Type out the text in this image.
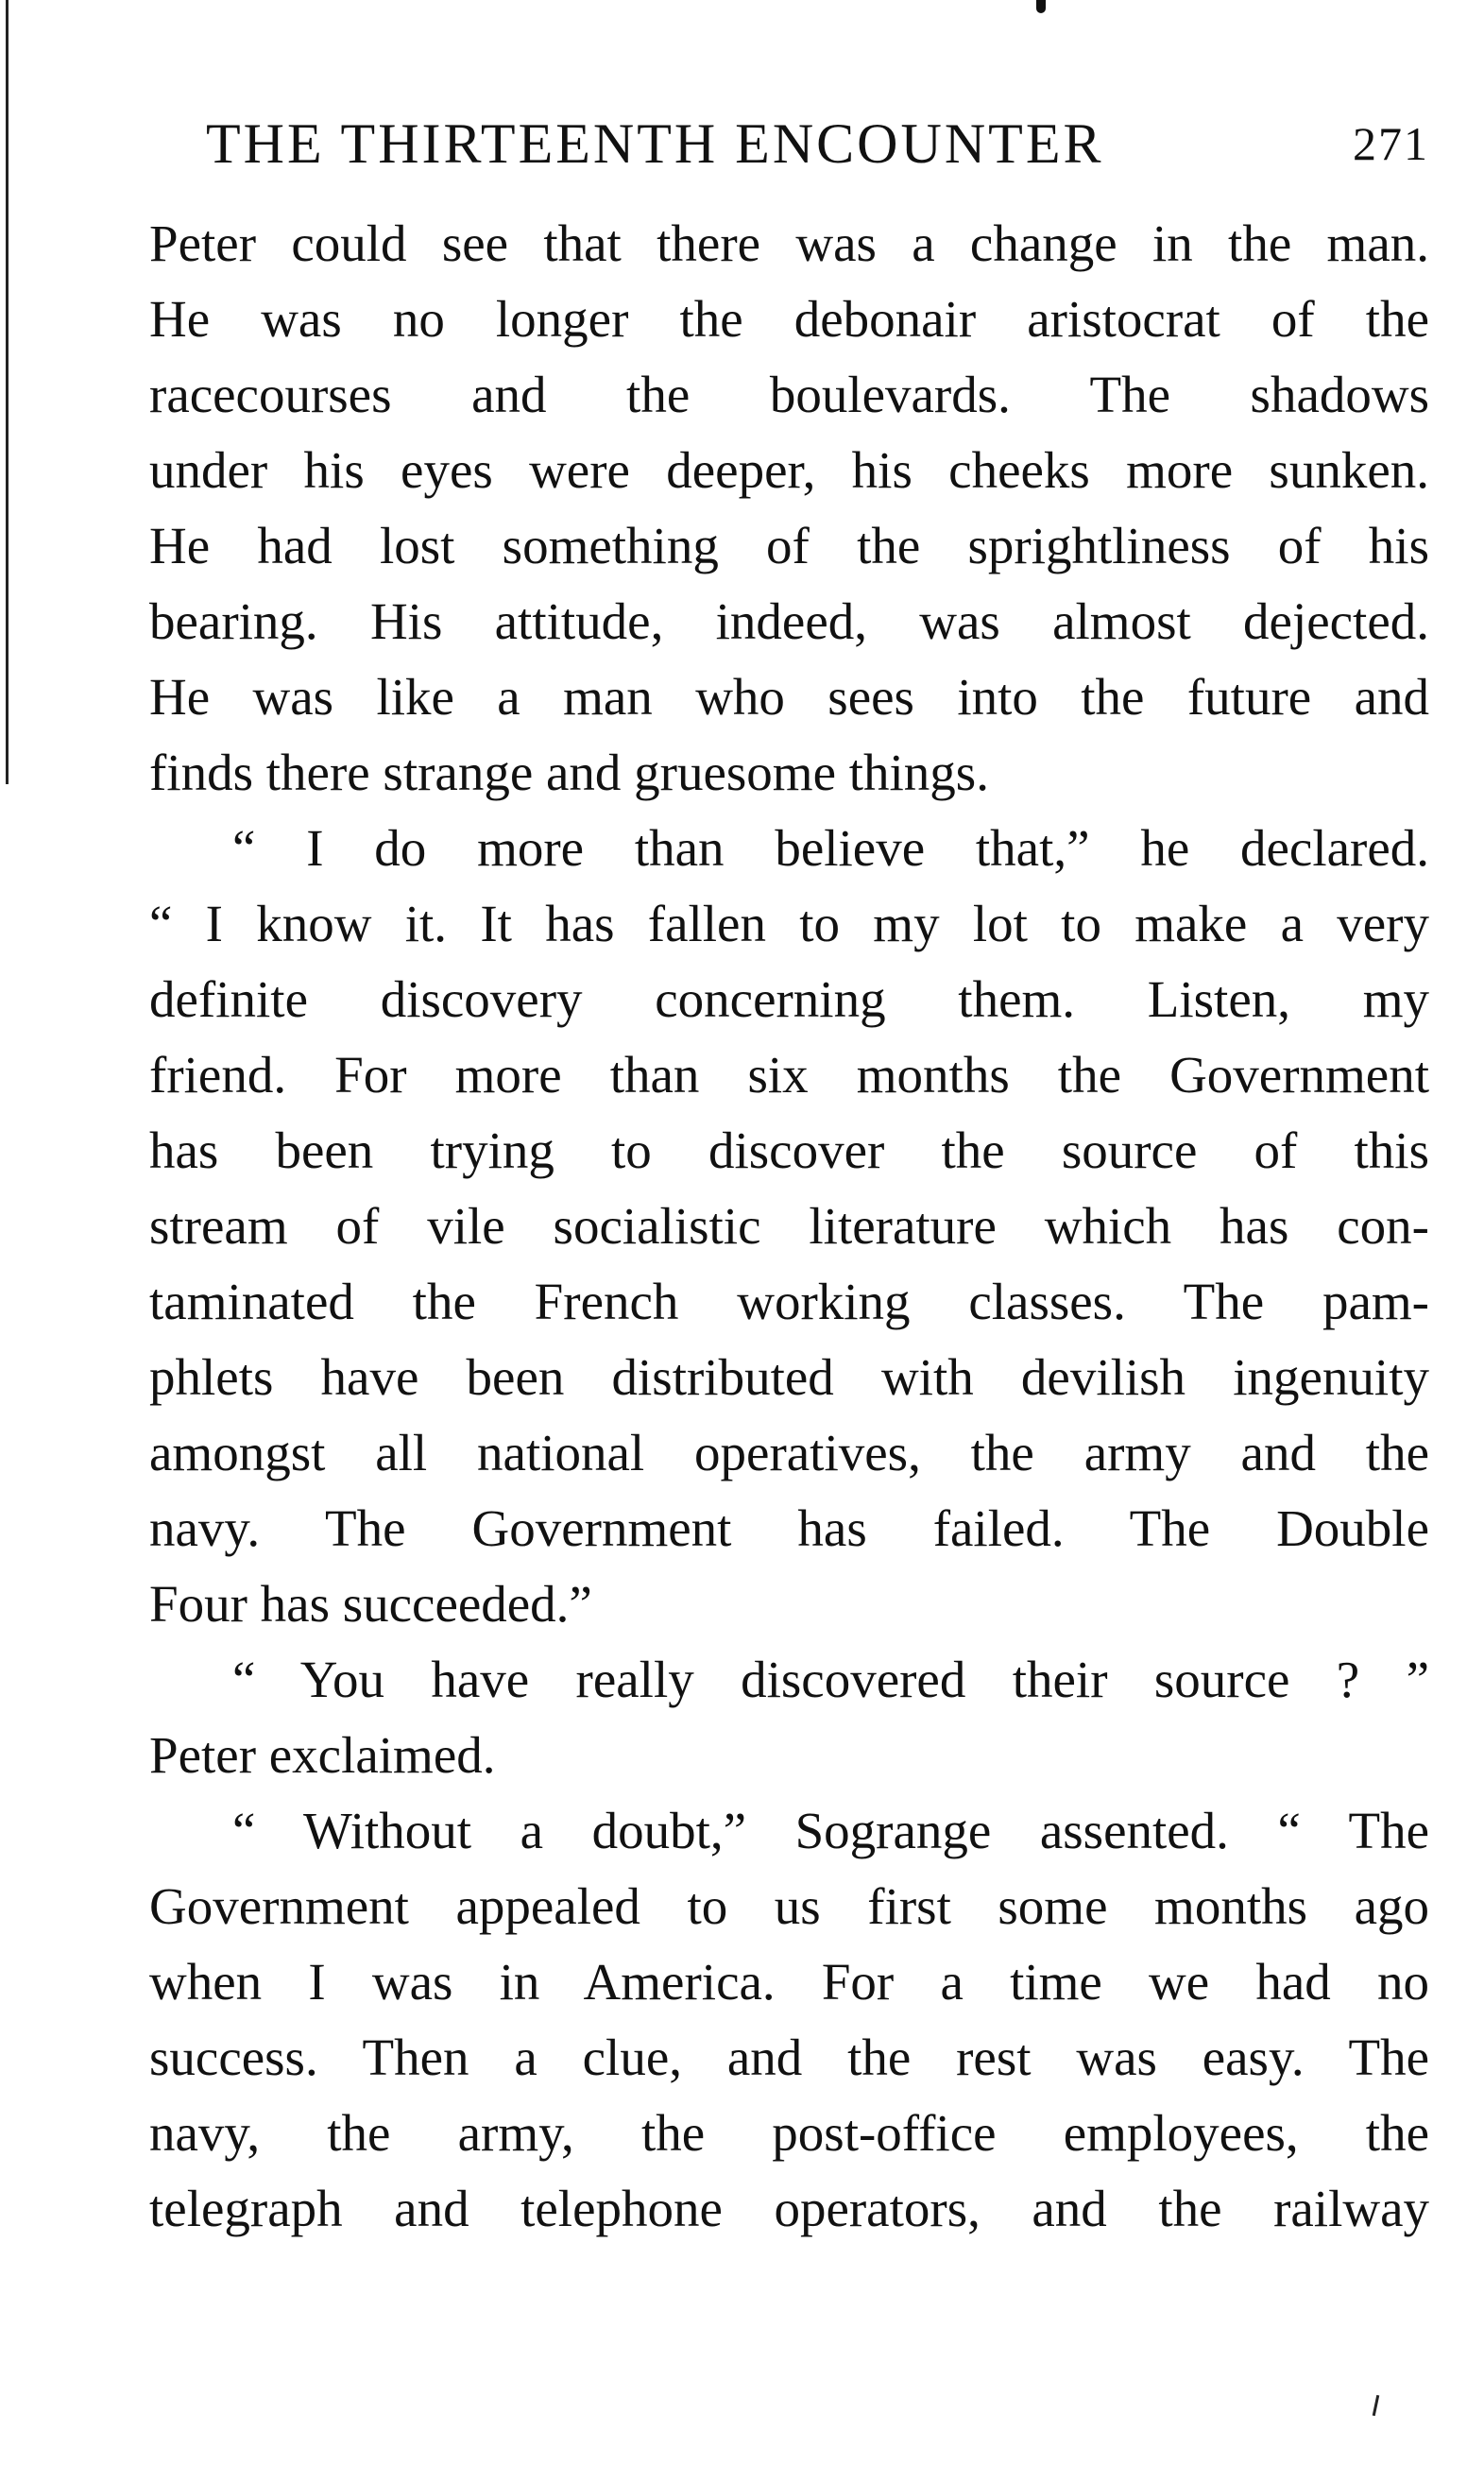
THE THIRTEENTH ENCOUNTER	271
Peter could see that there was a change in the man.
He was no longer the debonair aristocrat of the
racecourses and the boulevards. The shadows
under his eyes were deeper, his cheeks more sunken.
He had lost something of the sprightliness of his
bearing. His attitude, indeed, was almost dejected.
He was like a man who sees into the future and
finds there strange and gruesome things.
“ I do more than believe that,” he declared.
“ I know it. It has fallen to my lot to make a very
definite discovery concerning them. Listen, my
friend. For more than six months the Government
has been trying to discover the source of this
stream of vile socialistic literature which has con-
taminated the French working classes. The pam-
phlets have been distributed with devilish ingenuity
amongst all national operatives, the army and the
navy. The Government has failed. The Double
Four has succeeded.”
“ You have really discovered their source ? ”
Peter exclaimed.
“ Without a doubt,” Sogrange assented. “ The
Government appealed to us first some months ago
when I was in America. For a time we had no
success. Then a clue, and the rest was easy. The
navy, the army, the post-office employees, the
telegraph and telephone operators, and the railway
